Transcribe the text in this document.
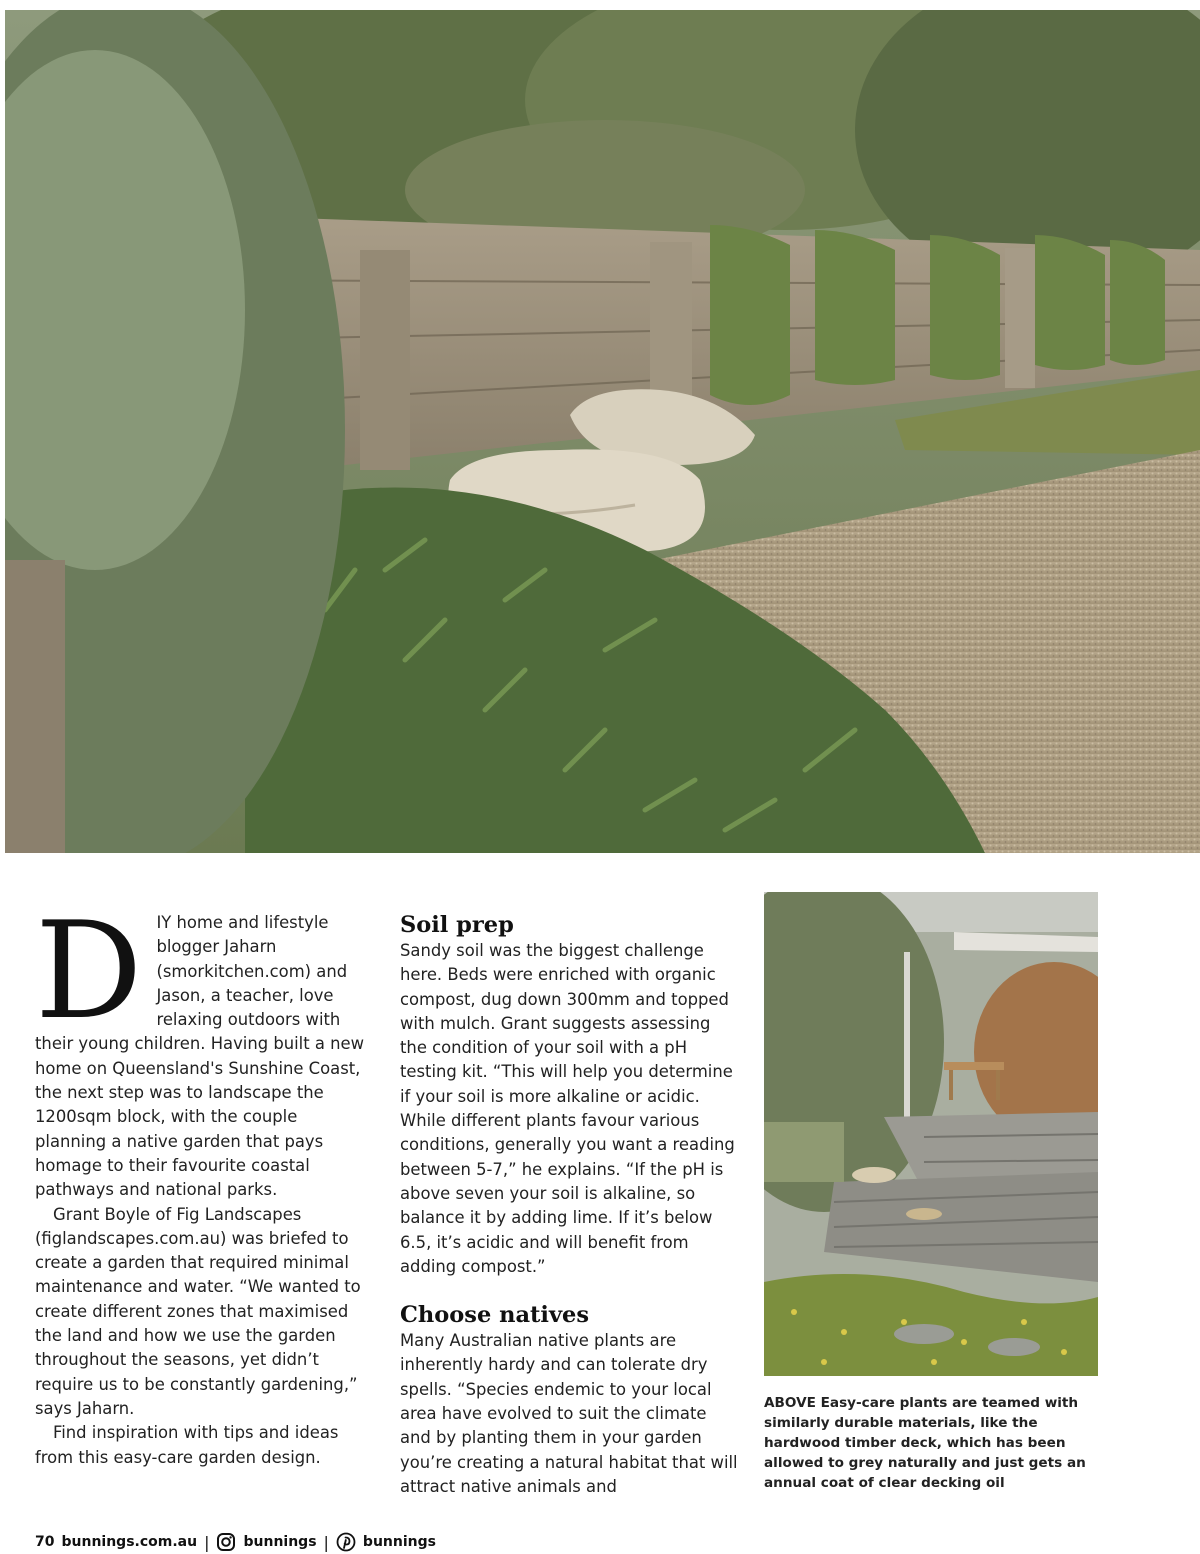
DIY home and lifestyle blogger Jaharn (smorkitchen.com) and Jason, a teacher, love relaxing outdoors with their young children. Having built a new home on Queensland's Sunshine Coast, the next step was to landscape the 1200sqm block, with the couple planning a native garden that pays homage to their favourite coastal pathways and national parks.

Grant Boyle of Fig Landscapes (figlandscapes.com.au) was briefed to create a garden that required minimal maintenance and water. “We wanted to create different zones that maximised the land and how we use the garden throughout the seasons, yet didn’t require us to be constantly gardening,” says Jaharn.

Find inspiration with tips and ideas from this easy-care garden design.

Soil prep

Sandy soil was the biggest challenge here. Beds were enriched with organic compost, dug down 300mm and topped with mulch. Grant suggests assessing the condition of your soil with a pH testing kit. “This will help you determine if your soil is more alkaline or acidic. While different plants favour various conditions, generally you want a reading between 5-7,” he explains. “If the pH is above seven your soil is alkaline, so balance it by adding lime. If it’s below 6.5, it’s acidic and will benefit from adding compost.”

Choose natives

Many Australian native plants are inherently hardy and can tolerate dry spells. “Species endemic to your local area have evolved to suit the climate and by planting them in your garden you’re creating a natural habitat that will attract native animals and

ABOVE Easy-care plants are teamed with similarly durable materials, like the hardwood timber deck, which has been allowed to grey naturally and just gets an annual coat of clear decking oil
70 bunnings.com.au | bunnings | bunnings
